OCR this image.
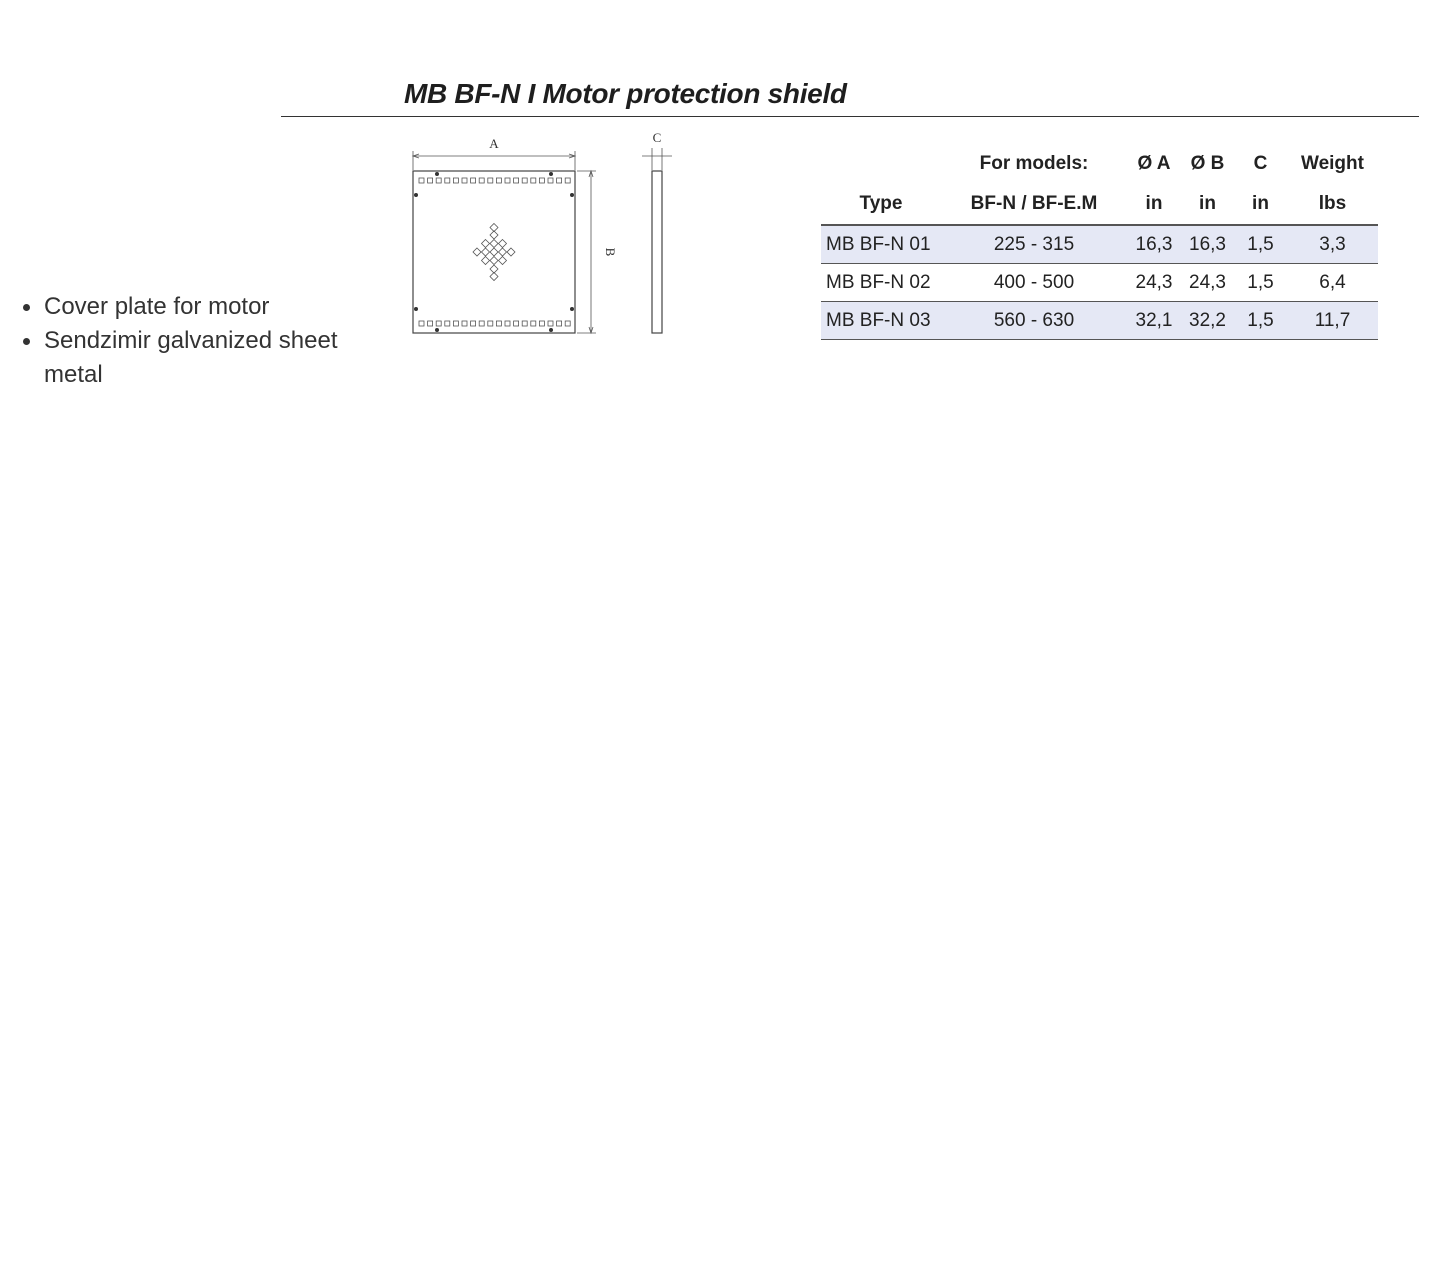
MB BF-N I Motor protection shield
Cover plate for motor
Sendzimir galvanized sheet metal
A
B
C
	For models:	Ø A	Ø B	C	Weight
Type	BF-N / BF-E.M	in	in	in	lbs
MB BF-N 01	225 - 315	16,3	16,3	1,5	3,3
MB BF-N 02	400 - 500	24,3	24,3	1,5	6,4
MB BF-N 03	560 - 630	32,1	32,2	1,5	11,7
